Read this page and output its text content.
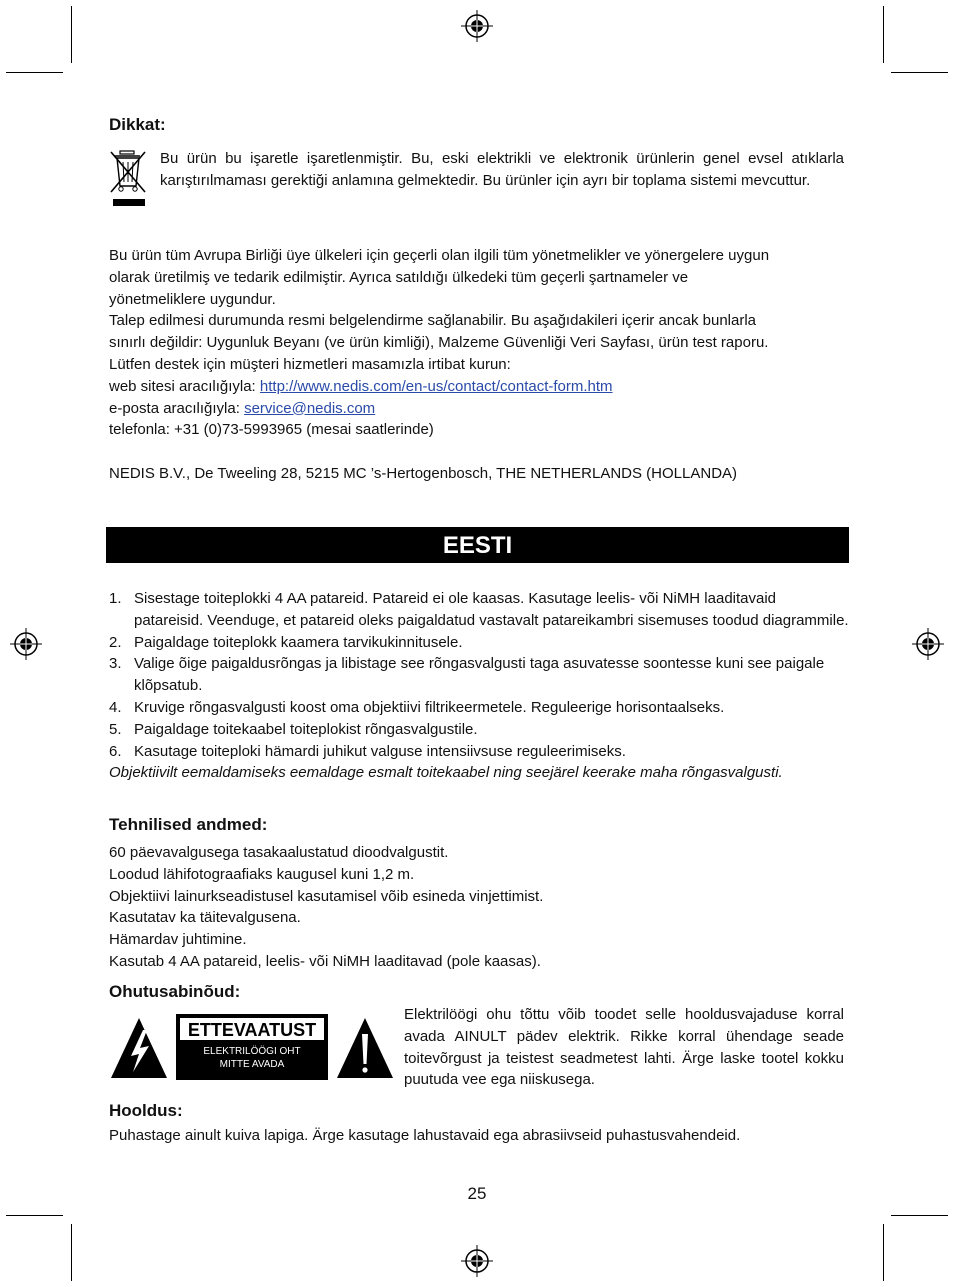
Dikkat:
Bu ürün bu işaretle işaretlenmiştir. Bu, eski elektrikli ve elektronik ürünlerin genel evsel atıklarla karıştırılmaması gerektiği anlamına gelmektedir. Bu ürünler için ayrı bir toplama sistemi mevcuttur.
Bu ürün tüm Avrupa Birliği üye ülkeleri için geçerli olan ilgili tüm yönetmelikler ve yönergelere uygun
olarak üretilmiş ve tedarik edilmiştir. Ayrıca satıldığı ülkedeki tüm geçerli şartnameler ve
yönetmeliklere uygundur.
Talep edilmesi durumunda resmi belgelendirme sağlanabilir. Bu aşağıdakileri içerir ancak bunlarla
sınırlı değildir: Uygunluk Beyanı (ve ürün kimliği), Malzeme Güvenliği Veri Sayfası, ürün test raporu.
Lütfen destek için müşteri hizmetleri masamızla irtibat kurun:
web sitesi aracılığıyla: http://www.nedis.com/en-us/contact/contact-form.htm
e-posta aracılığıyla: service@nedis.com
telefonla: +31 (0)73-5993965 (mesai saatlerinde)
NEDIS B.V., De Tweeling 28, 5215 MC ’s-Hertogenbosch, THE NETHERLANDS (HOLLANDA)
EESTI
1. Sisestage toiteplokki 4 AA patareid. Patareid ei ole kaasas. Kasutage leelis- või NiMH laaditavaid patareisid. Veenduge, et patareid oleks paigaldatud vastavalt patareikambri sisemuses toodud diagrammile.
2. Paigaldage toiteplokk kaamera tarvikukinnitusele.
3. Valige õige paigaldusrõngas ja libistage see rõngasvalgusti taga asuvatesse soontesse kuni see paigale klõpsatub.
4. Kruvige rõngasvalgusti koost oma objektiivi filtrikeermetele. Reguleerige horisontaalseks.
5. Paigaldage toitekaabel toiteplokist rõngasvalgustile.
6. Kasutage toiteploki hämardi juhikut valguse intensiivsuse reguleerimiseks.
Objektiivilt eemaldamiseks eemaldage esmalt toitekaabel ning seejärel keerake maha rõngasvalgusti.
Tehnilised andmed:
60 päevavalgusega tasakaalustatud dioodvalgustit.
Loodud lähifotograafiaks kaugusel kuni 1,2 m.
Objektiivi lainurkseadistusel kasutamisel võib esineda vinjettimist.
Kasutatav ka täitevalgusena.
Hämardav juhtimine.
Kasutab 4 AA patareid, leelis- või NiMH laaditavad (pole kaasas).
Ohutusabinõud:
ETTEVAATUST
ELEKTRILÖÖGI OHT
MITTE AVADA
Elektrilöögi ohu tõttu võib toodet selle hooldusvajaduse korral avada AINULT pädev elektrik. Rikke korral ühendage seade toitevõrgust ja teistest seadmetest lahti. Ärge laske tootel kokku puutuda vee ega niiskusega.
Hooldus:
Puhastage ainult kuiva lapiga. Ärge kasutage lahustavaid ega abrasiivseid puhastusvahendeid.
25
